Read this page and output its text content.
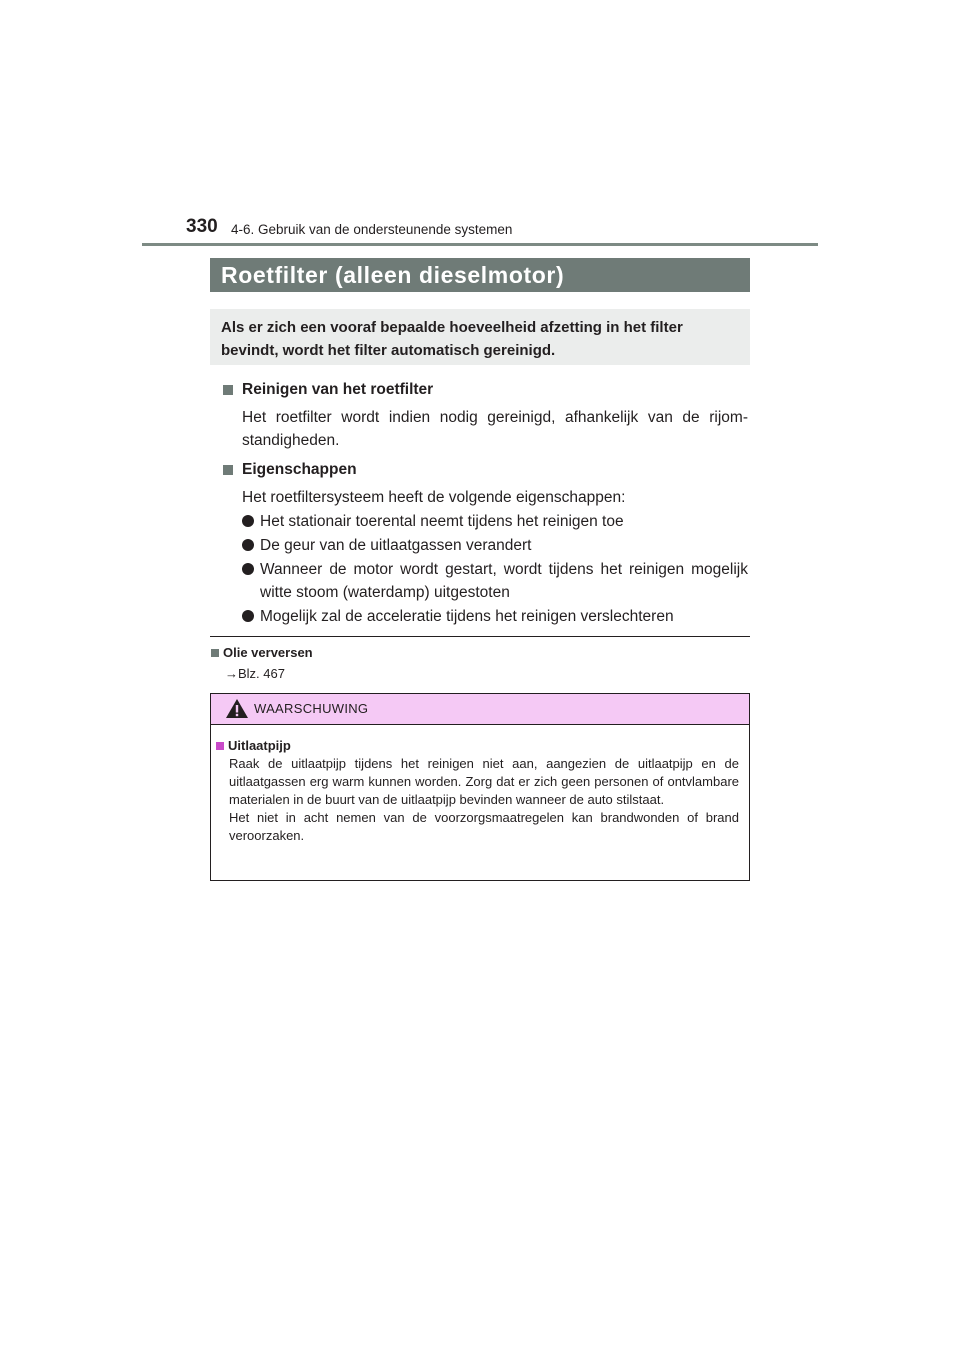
330 4-6. Gebruik van de ondersteunende systemen
Roetfilter (alleen dieselmotor)
Als er zich een vooraf bepaalde hoeveelheid afzetting in het filter bevindt, wordt het filter automatisch gereinigd.
Reinigen van het roetfilter
Het roetfilter wordt indien nodig gereinigd, afhankelijk van de rijom-standigheden.
Eigenschappen
Het roetfiltersysteem heeft de volgende eigenschappen:
Het stationair toerental neemt tijdens het reinigen toe
De geur van de uitlaatgassen verandert
Wanneer de motor wordt gestart, wordt tijdens het reinigen mogelijk witte stoom (waterdamp) uitgestoten
Mogelijk zal de acceleratie tijdens het reinigen verslechteren
Olie verversen
→Blz. 467
WAARSCHUWING
Uitlaatpijp
Raak de uitlaatpijp tijdens het reinigen niet aan, aangezien de uitlaatpijp en de uitlaatgassen erg warm kunnen worden. Zorg dat er zich geen personen of ontvlambare materialen in de buurt van de uitlaatpijp bevinden wanneer de auto stilstaat.
Het niet in acht nemen van de voorzorgsmaatregelen kan brandwonden of brand veroorzaken.
